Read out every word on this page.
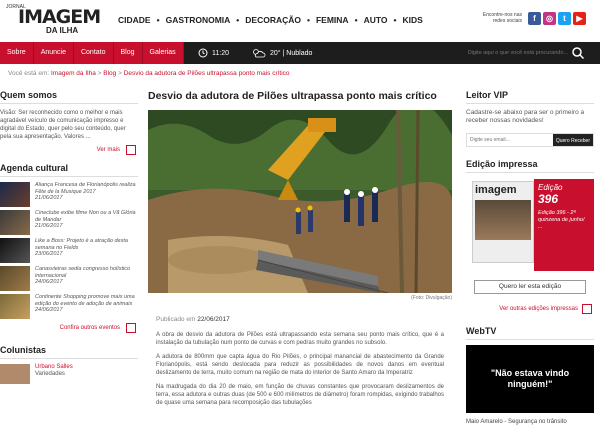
JORNAL
IMAGEM
DA ILHA
CIDADE • GASTRONOMIA • DECORAÇÃO • FEMINA • AUTO • KIDS	Encontre-nos nas redes sociais	f	◎	t	▶
Sobre	Anuncie	Contato	Blog	Galerias	11:20	20° | Nublado
Digite aqui o que você está procurando...
Você está em: Imagem da Ilha > Blog > Desvio da adutora de Pilões ultrapassa ponto mais crítico
Quem somos

Visão: Ser reconhecido como o melhor e mais agradável veículo de comunicação impresso e digital do Estado, quer pelo seu conteúdo, quer pela sua apresentação. Valores ...

Ver mais
Agenda cultural
Aliança Francesa de Florianópolis realiza Fête de la Musique 2017
21/06/2017
Cineclube exibe filme Non ou a Vã Glória de Mandar
21/06/2017
Like a Boss: Projeto é a atração desta semana no Fields
23/06/2017
Canasvieiras sedia congresso holístico internacional
24/06/2017
Continente Shopping promove mais uma edição do evento de adoção de animais
24/06/2017
Confira outros eventos
Colunistas
Urbano Salles
Variedades
Desvio da adutora de Pilões ultrapassa ponto mais crítico
(Foto: Divulgação)
Publicado em 22/06/2017

A obra de desvio da adutora de Pilões está ultrapassando esta semana seu ponto mais crítico, que é a instalação da tubulação num ponto de curvas e com pedras muito grandes no subsolo.

A adutora de 800mm que capta água do Rio Pilões, o principal manancial de abastecimento da Grande Florianópolis, está sendo deslocada para reduzir as possibilidades de novos danos em eventual deslizamento de terra, muito comum na região de mata do interior de Santo Amaro da Imperatriz

Na madrugada do dia 20 de maio, em função de chuvas constantes que provocaram deslizamentos de terra, essa adutora e outras duas (de 500 e 600 milímetros de diâmetro) foram rompidas, exigindo trabalhos de quase uma semana para recomposição das tubulações

Leitor VIP

Cadastre-se abaixo para ser o primeiro a receber nossas novidades!

Digite seu email...
Quero Receber
Edição impressa
imagem	Edição
396
Edição 396 - 2ª quinzena de junho/ ...
Quero ler esta edição
Ver outras edições impressas
WebTV
"Não estava vindo
ninguém!"
Maio Amarelo - Segurança no trânsito
